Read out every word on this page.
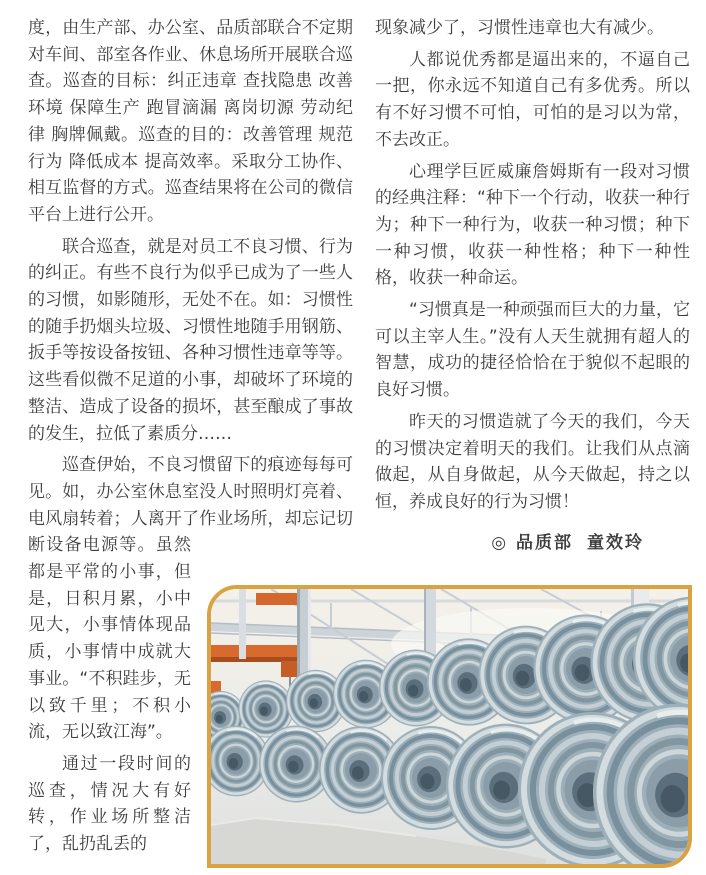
度，由生产部、办公室、品质部联合不定期对车间、部室各作业、休息场所开展联合巡查。巡查的目标：纠正违章 查找隐患 改善环境 保障生产 跑冒滴漏 离岗切源 劳动纪律 胸牌佩戴。巡查的目的：改善管理 规范行为 降低成本 提高效率。采取分工协作、相互监督的方式。巡查结果将在公司的微信平台上进行公开。

联合巡查，就是对员工不良习惯、行为的纠正。有些不良行为似乎已成为了一些人的习惯，如影随形，无处不在。如：习惯性的随手扔烟头垃圾、习惯性地随手用钢筋、扳手等按设备按钮、各种习惯性违章等等。这些看似微不足道的小事，却破坏了环境的整洁、造成了设备的损坏，甚至酿成了事故的发生，拉低了素质分……

巡查伊始，不良习惯留下的痕迹每每可见。如，办公室休息室没人时照明灯亮着、电风扇转着；人离开了作业场所，却忘记切断设备电源等。虽然都是平常的小事，但是，日积月累，小中见大，小事情体现品质，小事情中成就大事业。“不积跬步，无以致千里；不积小流，无以致江海”。

通过一段时间的巡查，情况大有好转，作业场所整洁了，乱扔乱丢的

现象减少了，习惯性违章也大有减少。

人都说优秀都是逼出来的，不逼自己一把，你永远不知道自己有多优秀。所以有不好习惯不可怕，可怕的是习以为常，不去改正。

心理学巨匠威廉詹姆斯有一段对习惯的经典注释：“种下一个行动，收获一种行为；种下一种行为，收获一种习惯；种下一种习惯，收获一种性格；种下一种性格，收获一种命运。

“习惯真是一种顽强而巨大的力量，它可以主宰人生。”没有人天生就拥有超人的智慧，成功的捷径恰恰在于貌似不起眼的良好习惯。

昨天的习惯造就了今天的我们，今天的习惯决定着明天的我们。让我们从点滴做起，从自身做起，从今天做起，持之以恒，养成良好的行为习惯！

◎ 品质部 童效玲
